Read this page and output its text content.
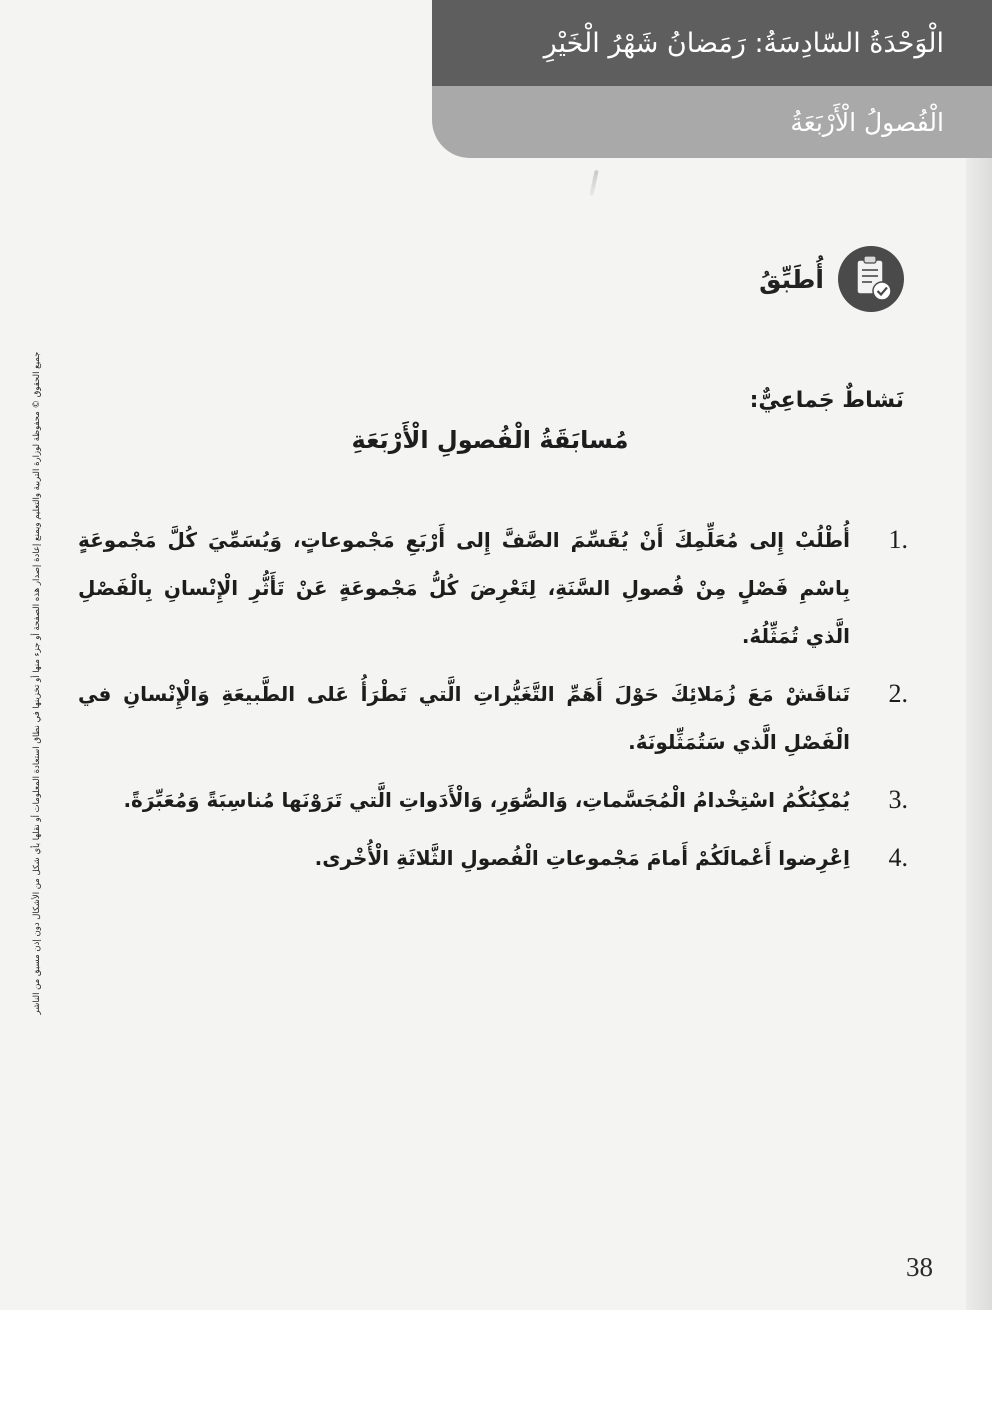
الْوَحْدَةُ السّادِسَةُ: رَمَضانُ شَهْرُ الْخَيْرِ
الْفُصولُ الْأَرْبَعَةُ
جميع الحقوق © محفوظة لوزارة التربية والتعليم ويمنع إعادة إصدار هذه الصفحة أو جزء منها أو تخزينها في نطاق استعادة المعلومات أو نقلها بأي شكل من الأشكال دون إذن مسبق من الناشر
أُطَبِّقُ
نَشاطٌ جَماعِيٌّ:
مُسابَقَةُ الْفُصولِ الْأَرْبَعَةِ
1.
أُطْلُبْ إِلى مُعَلِّمِكَ أَنْ يُقَسِّمَ الصَّفَّ إِلى أَرْبَعِ مَجْموعاتٍ، وَيُسَمِّيَ كُلَّ مَجْموعَةٍ بِاسْمِ فَصْلٍ مِنْ فُصولِ السَّنَةِ، لِتَعْرِضَ كُلُّ مَجْموعَةٍ عَنْ تَأَثُّرِ الْإِنْسانِ بِالْفَصْلِ الَّذي تُمَثِّلُهُ.
2.
تَناقَشْ مَعَ زُمَلائِكَ حَوْلَ أَهَمِّ التَّغَيُّراتِ الَّتي تَطْرَأُ عَلى الطَّبيعَةِ وَالْإِنْسانِ في الْفَصْلِ الَّذي سَتُمَثِّلونَهُ.
3.
يُمْكِنُكُمُ اسْتِخْدامُ الْمُجَسَّماتِ، وَالصُّوَرِ، وَالْأَدَواتِ الَّتي تَرَوْنَها مُناسِبَةً وَمُعَبِّرَةً.
4.
اِعْرِضوا أَعْمالَكُمْ أَمامَ مَجْموعاتِ الْفُصولِ الثَّلاثَةِ الْأُخْرى.
38
